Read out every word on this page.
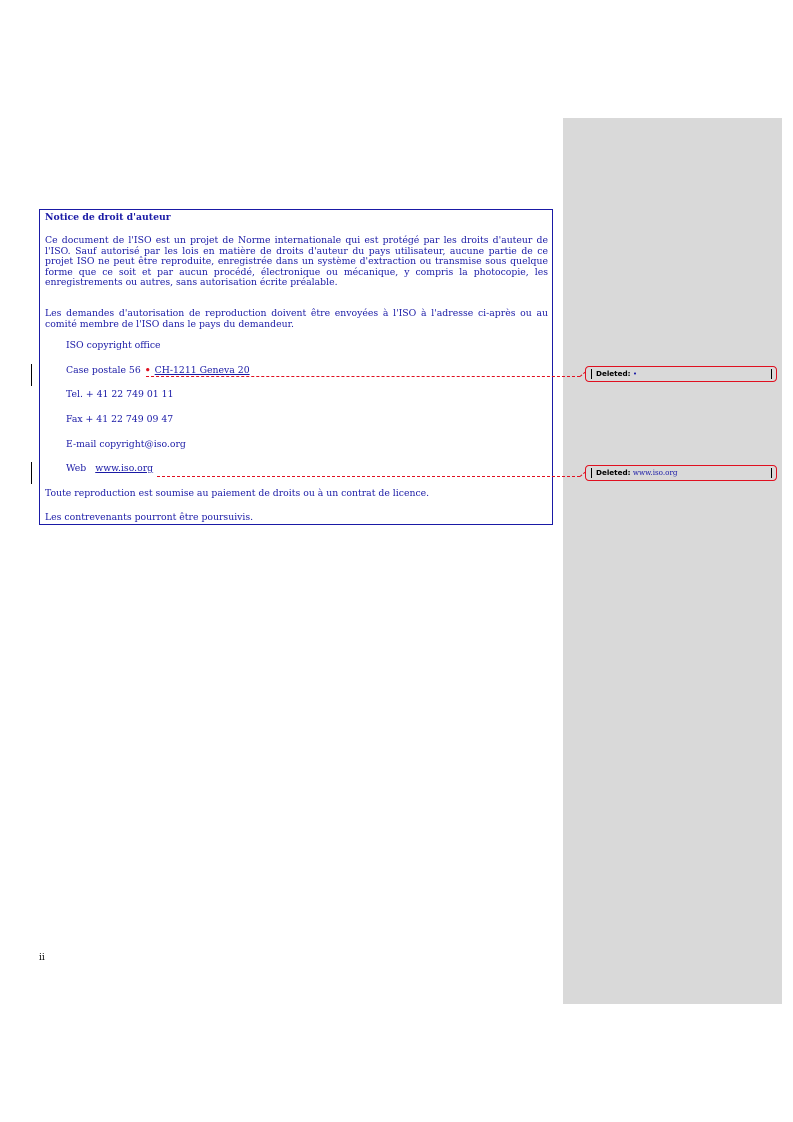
Notice de droit d'auteur
Ce document de l'ISO est un projet de Norme internationale qui est protégé par les droits d'auteur de l'ISO. Sauf autorisé par les lois en matière de droits d'auteur du pays utilisateur, aucune partie de ce projet ISO ne peut être reproduite, enregistrée dans un système d'extraction ou transmise sous quelque forme que ce soit et par aucun procédé, électronique ou mécanique, y compris la photocopie, les enregistrements ou autres, sans autorisation écrite préalable.
Les demandes d'autorisation de reproduction doivent être envoyées à l'ISO à l'adresse ci-après ou au comité membre de l'ISO dans le pays du demandeur.
ISO copyright office
Case postale 56 • CH-1211 Geneva 20
Tel. + 41 22 749 01 11
Fax + 41 22 749 09 47
E-mail copyright@iso.org
Web www.iso.org
Toute reproduction est soumise au paiement de droits ou à un contrat de licence.
Les contrevenants pourront être poursuivis.
Deleted: •
Deleted: www.iso.org
ii
